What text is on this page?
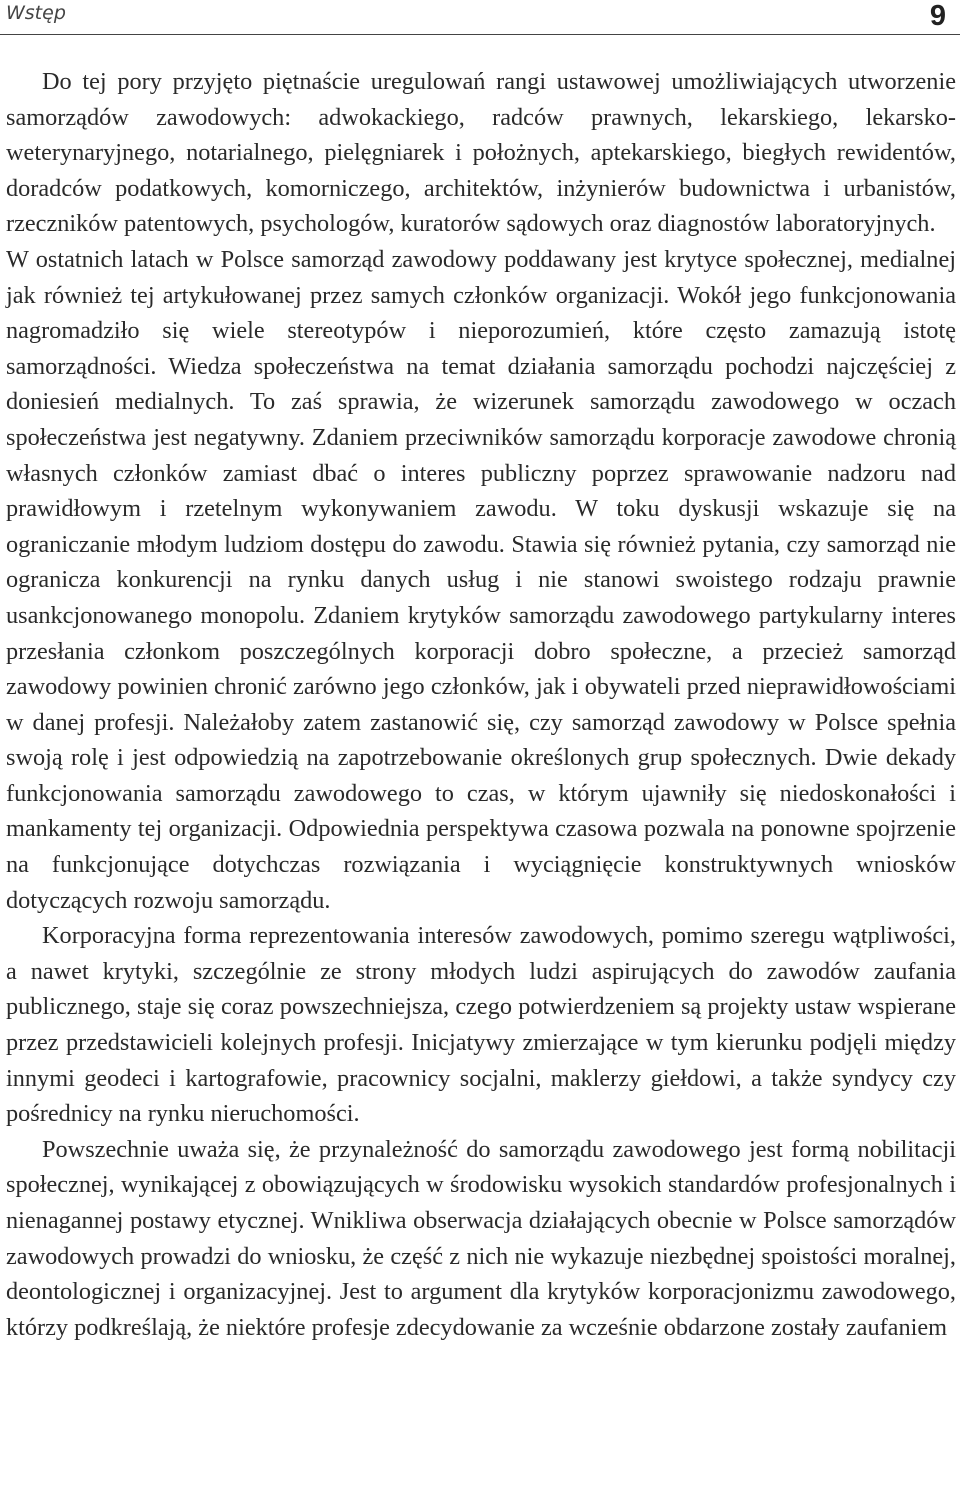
Wstęp	9

Do tej pory przyjęto piętnaście uregulowań rangi ustawowej umożliwiających utworzenie samorządów zawodowych: adwokackiego, radców prawnych, lekarskiego, lekarsko-weterynaryjnego, notarialnego, pielęgniarek i położnych, aptekarskiego, biegłych rewidentów, doradców podatkowych, komorniczego, architektów, inżynierów budownictwa i urbanistów, rzeczników patentowych, psychologów, kuratorów sądowych oraz diagnostów laboratoryjnych.

W ostatnich latach w Polsce samorząd zawodowy poddawany jest krytyce społecznej, medialnej jak również tej artykułowanej przez samych członków organizacji. Wokół jego funkcjonowania nagromadziło się wiele stereotypów i nieporozumień, które często zamazują istotę samorządności. Wiedza społeczeństwa na temat działania samorządu pochodzi najczęściej z doniesień medialnych. To zaś sprawia, że wizerunek samorządu zawodowego w oczach społeczeństwa jest negatywny. Zdaniem przeciwników samorządu korporacje zawodowe chronią własnych członków zamiast dbać o interes publiczny poprzez sprawowanie nadzoru nad prawidłowym i rzetelnym wykonywaniem zawodu. W toku dyskusji wskazuje się na ograniczanie młodym ludziom dostępu do zawodu. Stawia się również pytania, czy samorząd nie ogranicza konkurencji na rynku danych usług i nie stanowi swoistego rodzaju prawnie usankcjonowanego monopolu. Zdaniem krytyków samorządu zawodowego partykularny interes przesłania członkom poszczególnych korporacji dobro społeczne, a przecież samorząd zawodowy powinien chronić zarówno jego członków, jak i obywateli przed nieprawidłowościami w danej profesji. Należałoby zatem zastanowić się, czy samorząd zawodowy w Polsce spełnia swoją rolę i jest odpowiedzią na zapotrzebowanie określonych grup społecznych. Dwie dekady funkcjonowania samorządu zawodowego to czas, w którym ujawniły się niedoskonałości i mankamenty tej organizacji. Odpowiednia perspektywa czasowa pozwala na ponowne spojrzenie na funkcjonujące dotychczas rozwiązania i wyciągnięcie konstruktywnych wniosków dotyczących rozwoju samorządu.

Korporacyjna forma reprezentowania interesów zawodowych, pomimo szeregu wątpliwości, a nawet krytyki, szczególnie ze strony młodych ludzi aspirujących do zawodów zaufania publicznego, staje się coraz powszechniejsza, czego potwierdzeniem są projekty ustaw wspierane przez przedstawicieli kolejnych profesji. Inicjatywy zmierzające w tym kierunku podjęli między innymi geodeci i kartografowie, pracownicy socjalni, maklerzy giełdowi, a także syndycy czy pośrednicy na rynku nieruchomości.

Powszechnie uważa się, że przynależność do samorządu zawodowego jest formą nobilitacji społecznej, wynikającej z obowiązujących w środowisku wysokich standardów profesjonalnych i nienagannej postawy etycznej. Wnikliwa obserwacja działających obecnie w Polsce samorządów zawodowych prowadzi do wniosku, że część z nich nie wykazuje niezbędnej spoistości moralnej, deontologicznej i organizacyjnej. Jest to argument dla krytyków korporacjonizmu zawodowego, którzy podkreślają, że niektóre profesje zdecydowanie za wcześnie obdarzone zostały zaufaniem
